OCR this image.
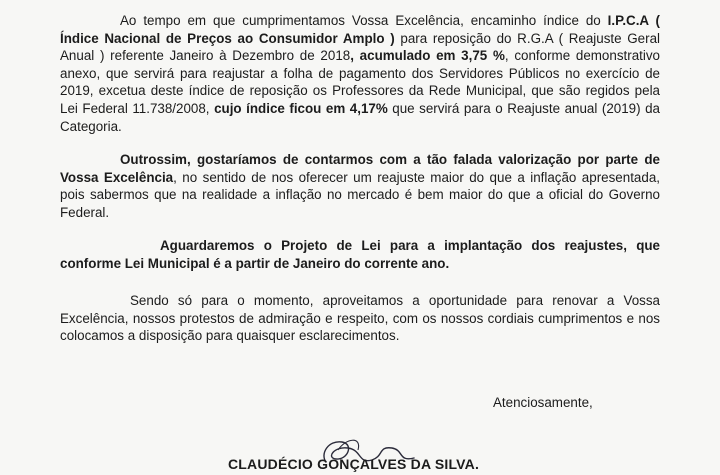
Ao tempo em que cumprimentamos Vossa Excelência, encaminho índice do I.P.C.A ( Índice Nacional de Preços ao Consumidor Amplo ) para reposição do R.G.A ( Reajuste Geral Anual ) referente Janeiro à Dezembro de 2018, acumulado em 3,75 %, conforme demonstrativo anexo, que servirá para reajustar a folha de pagamento dos Servidores Públicos no exercício de 2019, excetua deste índice de reposição os Professores da Rede Municipal, que são regidos pela Lei Federal 11.738/2008, cujo índice ficou em 4,17% que servirá para o Reajuste anual (2019) da Categoria.

Outrossim, gostaríamos de contarmos com a tão falada valorização por parte de Vossa Excelência, no sentido de nos oferecer um reajuste maior do que a inflação apresentada, pois sabermos que na realidade a inflação no mercado é bem maior do que a oficial do Governo Federal.

Aguardaremos o Projeto de Lei para a implantação dos reajustes, que conforme Lei Municipal é a partir de Janeiro do corrente ano.

Sendo só para o momento, aproveitamos a oportunidade para renovar a Vossa Excelência, nossos protestos de admiração e respeito, com os nossos cordiais cumprimentos e nos colocamos a disposição para quaisquer esclarecimentos.

Atenciosamente,
CLAUDÉCIO GONÇALVES DA SILVA.
